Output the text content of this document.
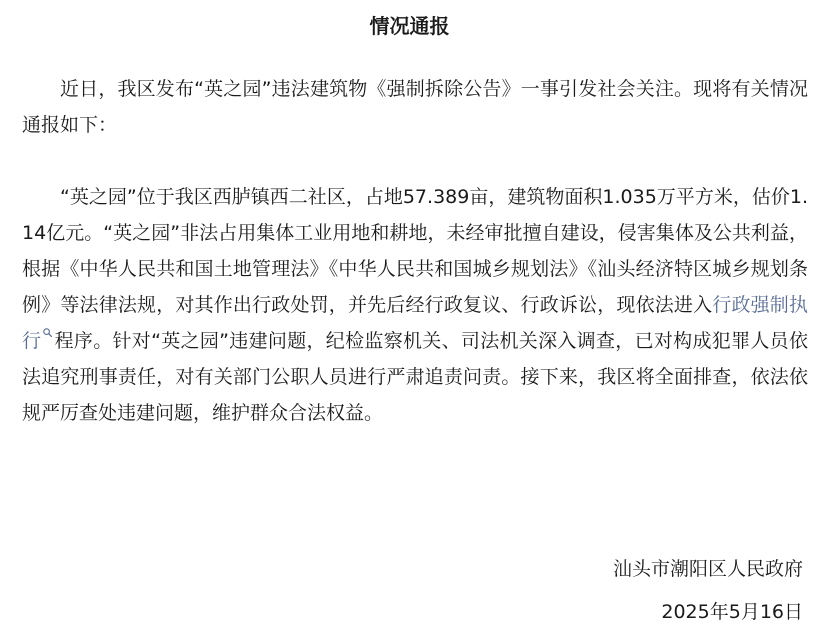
情况通报

近日，我区发布“英之园”违法建筑物《强制拆除公告》一事引发社会关注。现将有关情况通报如下：

“英之园”位于我区西胪镇西二社区，占地57.389亩，建筑物面积1.035万平方米，估价1.14亿元。“英之园”非法占用集体工业用地和耕地，未经审批擅自建设，侵害集体及公共利益，根据《中华人民共和国土地管理法》《中华人民共和国城乡规划法》《汕头经济特区城乡规划条例》等法律法规，对其作出行政处罚，并先后经行政复议、行政诉讼，现依法进入行政强制执行 程序。针对“英之园”违建问题，纪检监察机关、司法机关深入调查，已对构成犯罪人员依法追究刑事责任，对有关部门公职人员进行严肃追责问责。接下来，我区将全面排查，依法依规严厉查处违建问题，维护群众合法权益。

汕头市潮阳区人民政府
2025年5月16日
